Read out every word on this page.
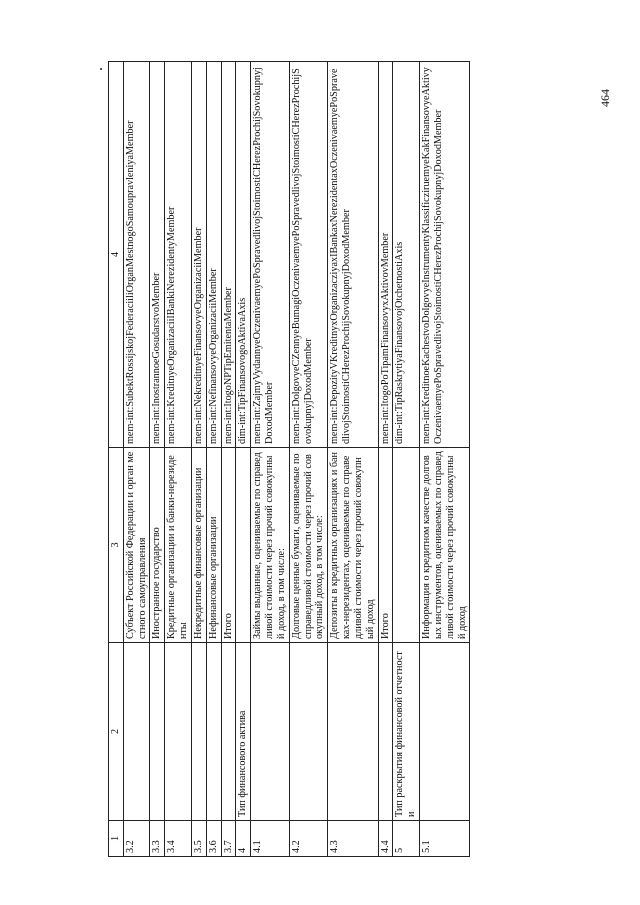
464
1	2	3	4
3.2		Субъект Российской Федерации и орган местного самоуправления	mem-int:SubektRossijskojFederaciiliOrganMestnogoSamoupravleniyaMember
3.3		Иностранное государство	mem-int:InostrannoeGosudarstvoMember
3.4		Кредитные организации и банки-нерезиденты	mem-int:KreditnyeOrganizaciiIBankiNerezidentyMember
3.5		Некредитные финансовые организации	mem-int:NekreditnyeFinansovyeOrganizaciiMember
3.6		Нефинансовые организации	mem-int:NefinansovyeOrganizaciiMember
3.7		Итого	mem-int:ItogoNPTipEmitentaMember
4	Тип финансового актива		dim-int:TipFinansovogoAktivaAxis
4.1		Займы выданные, оцениваемые по справедливой стоимости через прочий совокупный доход, в том числе:	mem-int:ZajmyVydannyeOczenivaemyePoSpravedlivojStoimostiCHerezProchijSovokupnyjDoxodMember
4.2		Долговые ценные бумаги, оцениваемые по справедливой стоимости через прочий совокупный доход, в том числе:	mem-int:DolgovyeCZennyeBumagiOczenivaemyePoSpravedlivojStoimostiCHerezProchijSovokupnyjDoxodMember
4.3		Депозиты в кредитных организациях и банках-нерезидентах, оцениваемые по справедливой стоимости через прочий совокупный доход	mem-int:DepozityVKreditnyxOrganizacziyaxIBankaxNerezidentaxOczenivaemyePoSpravedlivojStoimostiCHerezProchijSovokupnyjDoxodMember
4.4		Итого	mem-int:ItogoPoTipamFinansovyxAktivovMember
5	Тип раскрытия финансовой отчетности		dim-int:TipRaskrytiyaFinansovojOtchetnostiAxis
5.1		Информация о кредитном качестве долговых инструментов, оцениваемых по справедливой стоимости через прочий совокупный доход	mem-int:KreditnoeKachestvoDolgovyeInstrumentyKlassificziruemyeKakFinansovyeAktivyOczenivaemyePoSpravedlivojStoimostiCHerezProchijSovokupnyjDoxodMember
